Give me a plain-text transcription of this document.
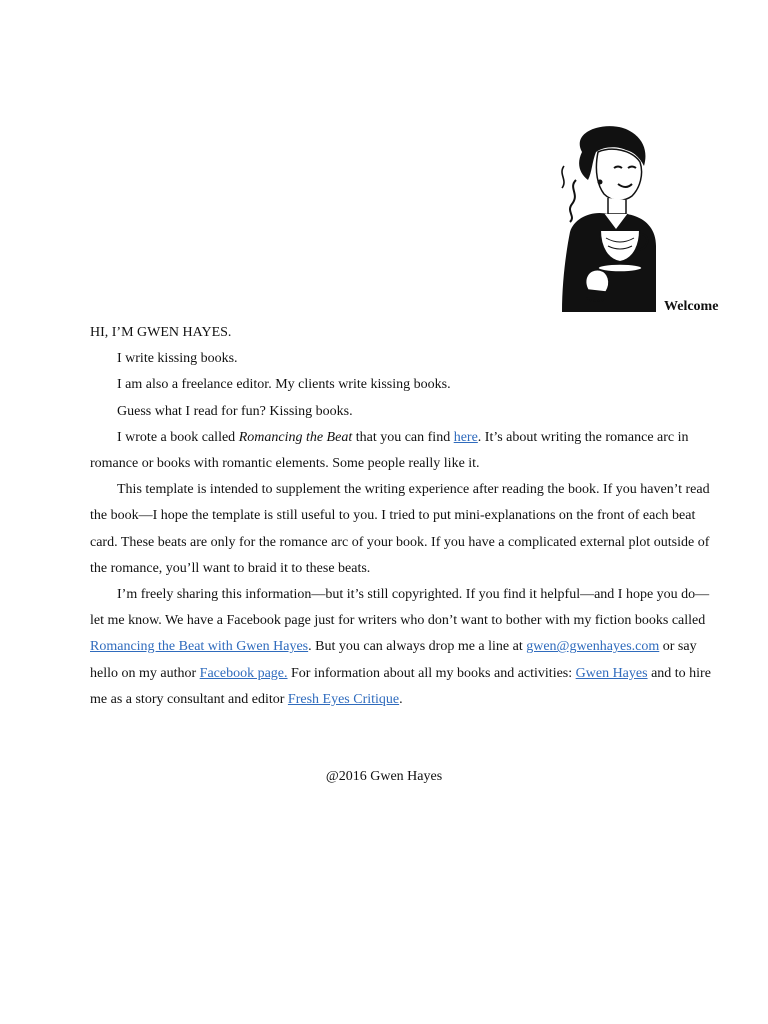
Welcome

HI, I’M GWEN HAYES.

I write kissing books.

I am also a freelance editor. My clients write kissing books.

Guess what I read for fun? Kissing books.

I wrote a book called Romancing the Beat that you can find here. It’s about writing the romance arc in romance or books with romantic elements. Some people really like it.

This template is intended to supplement the writing experience after reading the book. If you haven’t read the book—I hope the template is still useful to you. I tried to put mini-explanations on the front of each beat card. These beats are only for the romance arc of your book. If you have a complicated external plot outside of the romance, you’ll want to braid it to these beats.

I’m freely sharing this information—but it’s still copyrighted. If you find it helpful—and I hope you do—let me know. We have a Facebook page just for writers who don’t want to bother with my fiction books called Romancing the Beat with Gwen Hayes. But you can always drop me a line at gwen@gwenhayes.com or say hello on my author Facebook page. For information about all my books and activities: Gwen Hayes and to hire me as a story consultant and editor Fresh Eyes Critique.

@2016 Gwen Hayes
